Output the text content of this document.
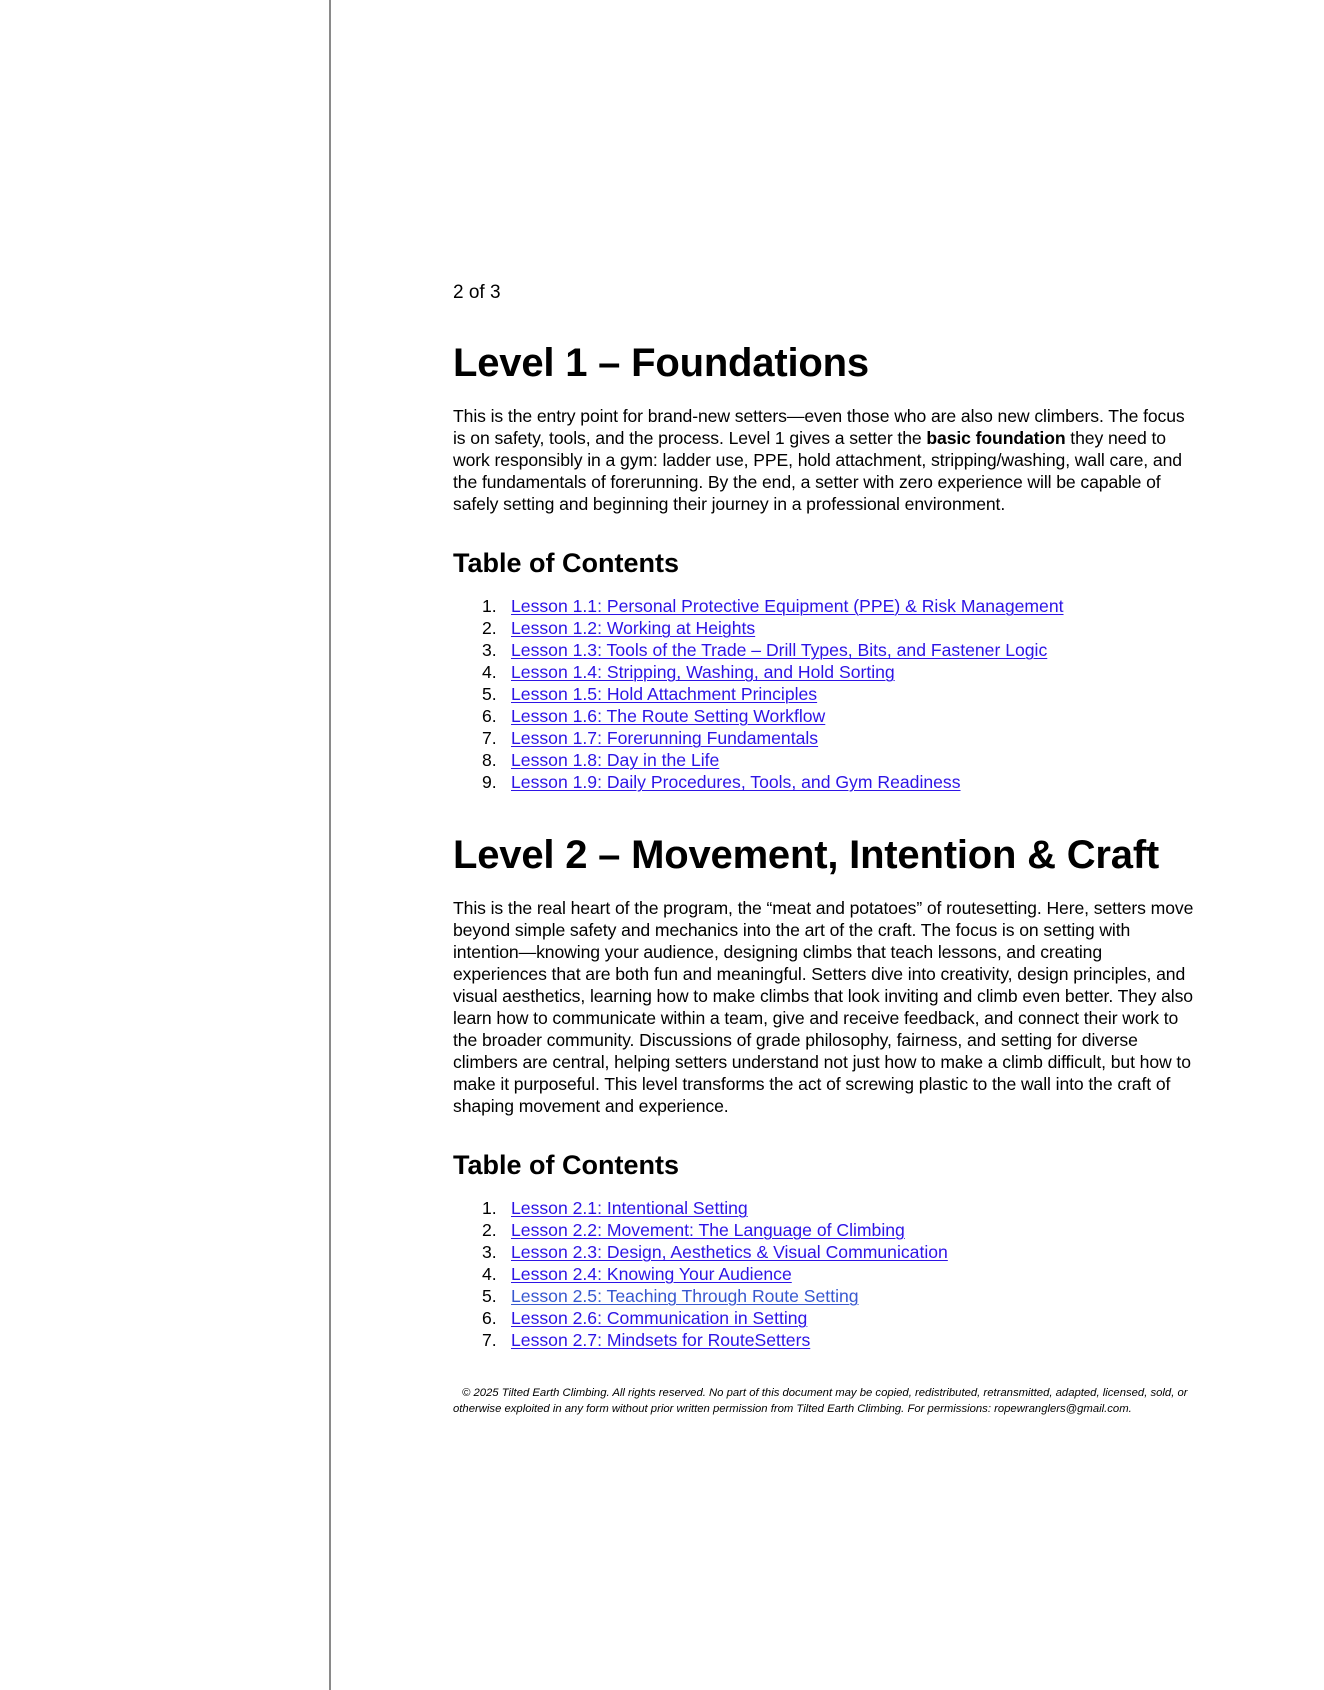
2 of 3

Level 1 – Foundations

This is the entry point for brand-new setters—even those who are also new climbers. The focus is on safety, tools, and the process. Level 1 gives a setter the basic foundation they need to work responsibly in a gym: ladder use, PPE, hold attachment, stripping/washing, wall care, and the fundamentals of forerunning. By the end, a setter with zero experience will be capable of safely setting and beginning their journey in a professional environment.

Table of Contents
1. Lesson 1.1: Personal Protective Equipment (PPE) & Risk Management
2. Lesson 1.2: Working at Heights
3. Lesson 1.3: Tools of the Trade – Drill Types, Bits, and Fastener Logic
4. Lesson 1.4: Stripping, Washing, and Hold Sorting
5. Lesson 1.5: Hold Attachment Principles
6. Lesson 1.6: The Route Setting Workflow
7. Lesson 1.7: Forerunning Fundamentals
8. Lesson 1.8: Day in the Life
9. Lesson 1.9: Daily Procedures, Tools, and Gym Readiness
Level 2 – Movement, Intention & Craft

This is the real heart of the program, the “meat and potatoes” of routesetting. Here, setters move beyond simple safety and mechanics into the art of the craft. The focus is on setting with intention—knowing your audience, designing climbs that teach lessons, and creating experiences that are both fun and meaningful. Setters dive into creativity, design principles, and visual aesthetics, learning how to make climbs that look inviting and climb even better. They also learn how to communicate within a team, give and receive feedback, and connect their work to the broader community. Discussions of grade philosophy, fairness, and setting for diverse climbers are central, helping setters understand not just how to make a climb difficult, but how to make it purposeful. This level transforms the act of screwing plastic to the wall into the craft of shaping movement and experience.

Table of Contents
1. Lesson 2.1: Intentional Setting
2. Lesson 2.2: Movement: The Language of Climbing
3. Lesson 2.3: Design, Aesthetics & Visual Communication
4. Lesson 2.4: Knowing Your Audience
5. Lesson 2.5: Teaching Through Route Setting
6. Lesson 2.6: Communication in Setting
7. Lesson 2.7: Mindsets for RouteSetters
© 2025 Tilted Earth Climbing. All rights reserved. No part of this document may be copied, redistributed, retransmitted, adapted, licensed, sold, or otherwise exploited in any form without prior written permission from Tilted Earth Climbing. For permissions: ropewranglers@gmail.com.
